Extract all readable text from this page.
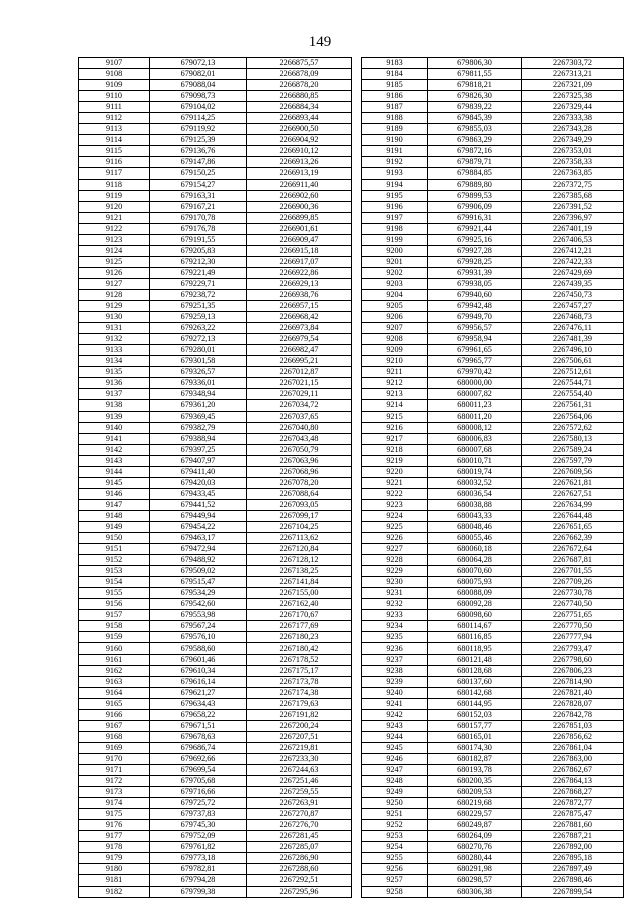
149
9107	679072,13	2266875,57
9108	679082,01	2266878,09
9109	679088,04	2266878,20
9110	679098,73	2266880,85
9111	679104,02	2266884,34
9112	679114,25	2266893,44
9113	679119,92	2266900,50
9114	679125,39	2266904,92
9115	679136,76	2266910,12
9116	679147,86	2266913,26
9117	679150,25	2266913,19
9118	679154,27	2266911,40
9119	679163,31	2266902,60
9120	679167,21	2266900,36
9121	679170,78	2266899,85
9122	679176,78	2266901,61
9123	679191,55	2266909,47
9124	679205,83	2266915,18
9125	679212,30	2266917,07
9126	679221,49	2266922,86
9127	679229,71	2266929,13
9128	679238,72	2266938,76
9129	679251,35	2266957,15
9130	679259,13	2266968,42
9131	679263,22	2266973,84
9132	679272,13	2266979,54
9133	679280,01	2266982,47
9134	679301,58	2266995,21
9135	679326,57	2267012,87
9136	679336,01	2267021,15
9137	679348,94	2267029,11
9138	679361,20	2267034,72
9139	679369,45	2267037,65
9140	679382,79	2267040,80
9141	679388,94	2267043,48
9142	679397,25	2267050,79
9143	679407,97	2267063,96
9144	679411,40	2267068,96
9145	679420,03	2267078,20
9146	679433,45	2267088,64
9147	679441,52	2267093,05
9148	679449,94	2267099,17
9149	679454,22	2267104,25
9150	679463,17	2267113,62
9151	679472,94	2267120,84
9152	679488,92	2267128,12
9153	679509,02	2267138,25
9154	679515,47	2267141,84
9155	679534,29	2267155,00
9156	679542,60	2267162,40
9157	679553,98	2267170,67
9158	679567,24	2267177,69
9159	679576,10	2267180,23
9160	679588,60	2267180,42
9161	679601,46	2267178,52
9162	679610,34	2267175,17
9163	679616,14	2267173,78
9164	679621,27	2267174,38
9165	679634,43	2267179,63
9166	679658,22	2267191,82
9167	679671,51	2267200,24
9168	679678,63	2267207,51
9169	679686,74	2267219,81
9170	679692,66	2267233,30
9171	679699,54	2267244,63
9172	679705,68	2267251,46
9173	679716,66	2267259,55
9174	679725,72	2267263,91
9175	679737,83	2267270,87
9176	679745,30	2267276,70
9177	679752,09	2267281,45
9178	679761,82	2267285,07
9179	679773,18	2267286,90
9180	679782,81	2267288,60
9181	679794,28	2267292,51
9182	679799,38	2267295,96
9183	679806,30	2267303,72
9184	679811,55	2267313,21
9185	679818,21	2267321,09
9186	679826,30	2267325,38
9187	679839,22	2267329,44
9188	679845,39	2267333,38
9189	679855,03	2267343,28
9190	679863,29	2267349,29
9191	679872,16	2267353,01
9192	679879,71	2267358,33
9193	679884,85	2267363,85
9194	679889,80	2267372,75
9195	679899,53	2267385,68
9196	679906,09	2267391,52
9197	679916,31	2267396,97
9198	679921,44	2267401,19
9199	679925,16	2267406,53
9200	679927,28	2267412,21
9201	679928,25	2267422,33
9202	679931,39	2267429,69
9203	679938,05	2267439,35
9204	679940,60	2267450,73
9205	679942,48	2267457,27
9206	679949,70	2267468,73
9207	679956,57	2267476,11
9208	679958,94	2267481,39
9209	679961,65	2267496,10
9210	679965,77	2267506,61
9211	679970,42	2267512,61
9212	680000,00	2267544,71
9213	680007,82	2267554,40
9214	680011,23	2267561,31
9215	680011,20	2267564,06
9216	680008,12	2267572,62
9217	680006,83	2267580,13
9218	680007,68	2267589,24
9219	680010,71	2267597,79
9220	680019,74	2267609,56
9221	680032,52	2267621,81
9222	680036,54	2267627,51
9223	680038,88	2267634,99
9224	680043,33	2267644,48
9225	680048,46	2267651,65
9226	680055,46	2267662,39
9227	680060,18	2267672,64
9228	680064,28	2267687,81
9229	680070,60	2267701,55
9230	680075,93	2267709,26
9231	680088,09	2267730,78
9232	680092,28	2267740,50
9233	680098,60	2267751,65
9234	680114,67	2267770,50
9235	680116,85	2267777,94
9236	680118,95	2267793,47
9237	680121,48	2267798,60
9238	680128,68	2267806,23
9239	680137,60	2267814,90
9240	680142,68	2267821,40
9241	680144,95	2267828,07
9242	680152,03	2267842,78
9243	680157,77	2267851,03
9244	680165,01	2267856,62
9245	680174,30	2267861,04
9246	680182,87	2267863,00
9247	680193,78	2267862,67
9248	680200,35	2267864,13
9249	680209,53	2267868,27
9250	680219,68	2267872,77
9251	680229,57	2267875,47
9252	680249,87	2267881,60
9253	680264,09	2267887,21
9254	680270,76	2267892,00
9255	680280,44	2267895,18
9256	680291,98	2267897,49
9257	680298,57	2267898,46
9258	680306,38	2267899,54
